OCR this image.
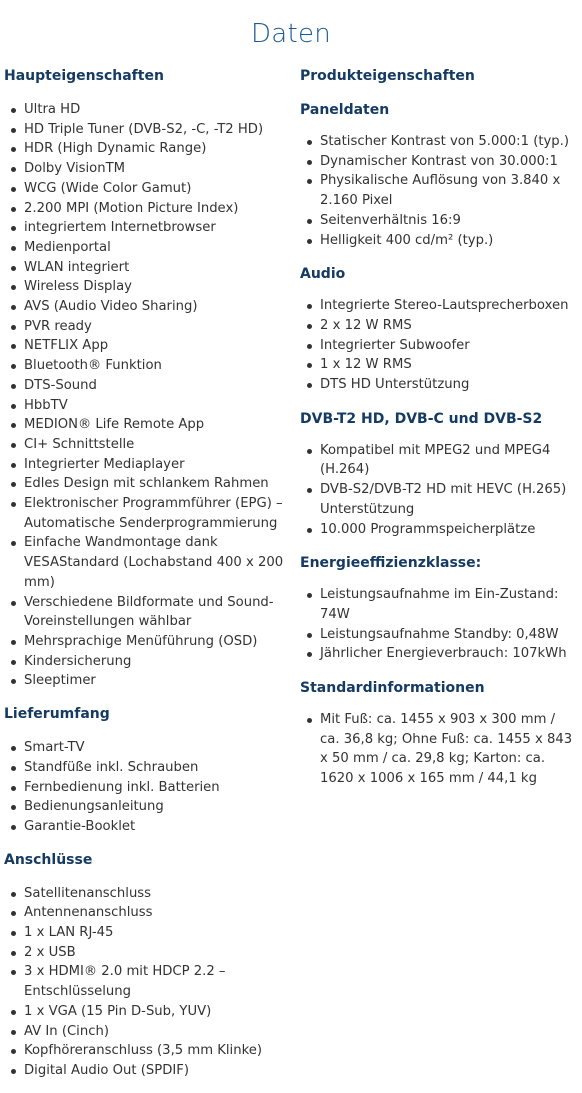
Daten
Haupteigenschaften
Ultra HD
HD Triple Tuner (DVB-S2, -C, -T2 HD)
HDR (High Dynamic Range)
Dolby VisionTM
WCG (Wide Color Gamut)
2.200 MPI (Motion Picture Index)
integriertem Internetbrowser
Medienportal
WLAN integriert
Wireless Display
AVS (Audio Video Sharing)
PVR ready
NETFLIX App
Bluetooth® Funktion
DTS-Sound
HbbTV
MEDION® Life Remote App
CI+ Schnittstelle
Integrierter Mediaplayer
Edles Design mit schlankem Rahmen
Elektronischer Programmführer (EPG) – Automatische Senderprogrammierung
Einfache Wandmontage dank VESAStandard (Lochabstand 400 x 200 mm)
Verschiedene Bildformate und Sound-Voreinstellungen wählbar
Mehrsprachige Menüführung (OSD)
Kindersicherung
Sleeptimer
Lieferumfang
Smart-TV
Standfüße inkl. Schrauben
Fernbedienung inkl. Batterien
Bedienungsanleitung
Garantie-Booklet
Anschlüsse
Satellitenanschluss
Antennenanschluss
1 x LAN RJ-45
2 x USB
3 x HDMI® 2.0 mit HDCP 2.2 – Entschlüsselung
1 x VGA (15 Pin D-Sub, YUV)
AV In (Cinch)
Kopfhöreranschluss (3,5 mm Klinke)
Digital Audio Out (SPDIF)
Produkteigenschaften
Paneldaten
Statischer Kontrast von 5.000:1 (typ.)
Dynamischer Kontrast von 30.000:1
Physikalische Auflösung von 3.840 x 2.160 Pixel
Seitenverhältnis 16:9
Helligkeit 400 cd/m² (typ.)
Audio
Integrierte Stereo-Lautsprecherboxen
2 x 12 W RMS
Integrierter Subwoofer
1 x 12 W RMS
DTS HD Unterstützung
DVB-T2 HD, DVB-C und DVB-S2
Kompatibel mit MPEG2 und MPEG4 (H.264)
DVB-S2/DVB-T2 HD mit HEVC (H.265) Unterstützung
10.000 Programmspeicherplätze
Energieeffizienzklasse:
Leistungsaufnahme im Ein-Zustand: 74W
Leistungsaufnahme Standby: 0,48W
Jährlicher Energieverbrauch: 107kWh
Standardinformationen
Mit Fuß: ca. 1455 x 903 x 300 mm / ca. 36,8 kg; Ohne Fuß: ca. 1455 x 843 x 50 mm / ca. 29,8 kg; Karton: ca. 1620 x 1006 x 165 mm / 44,1 kg
